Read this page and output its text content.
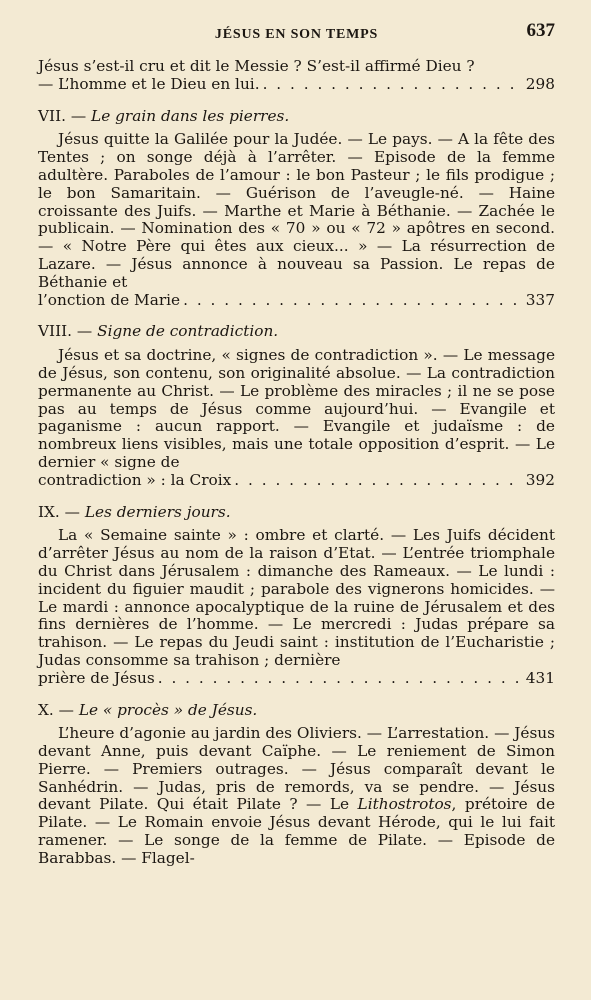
JÉSUS EN SON TEMPS	637
Jésus s’est-il cru et dit le Messie ? S’est-il affirmé Dieu ?
— L’homme et le Dieu en lui. . . .	298
VII. — Le grain dans les pierres.

Jésus quitte la Galilée pour la Judée. — Le pays. — A la fête des Tentes ; on songe déjà à l’arrêter. — Episode de la femme adultère. Paraboles de l’amour : le bon Pasteur ; le fils prodigue ; le bon Samaritain. — Guérison de l’aveugle-né. — Haine croissante des Juifs. — Marthe et Marie à Béthanie. — Zachée le publicain. — Nomination des « 70 » ou « 72 » apôtres en second. — « Notre Père qui êtes aux cieux... » — La résurrection de Lazare. — Jésus annonce à nouveau sa Passion. Le repas de Béthanie et

l’onction de Marie . . .	337
VIII. — Signe de contradiction.

Jésus et sa doctrine, « signes de contradiction ». — Le message de Jésus, son contenu, son originalité absolue. — La contradiction permanente au Christ. — Le problème des miracles ; il ne se pose pas au temps de Jésus comme aujourd’hui. — Evangile et paganisme : aucun rapport. — Evangile et judaïsme : de nombreux liens visibles, mais une totale opposition d’esprit. — Le dernier « signe de

contradiction » : la Croix . . .	392
IX. — Les derniers jours.

La « Semaine sainte » : ombre et clarté. — Les Juifs décident d’arrêter Jésus au nom de la raison d’Etat. — L’entrée triomphale du Christ dans Jérusalem : dimanche des Rameaux. — Le lundi : incident du figuier maudit ; parabole des vignerons homicides. — Le mardi : annonce apocalyptique de la ruine de Jérusalem et des fins dernières de l’homme. — Le mercredi : Judas prépare sa trahison. — Le repas du Jeudi saint : institution de l’Eucharistie ; Judas consomme sa trahison ; dernière

prière de Jésus . . .	431
X. — Le « procès » de Jésus.

L’heure d’agonie au jardin des Oliviers. — L’arrestation. — Jésus devant Anne, puis devant Caïphe. — Le reniement de Simon Pierre. — Premiers outrages. — Jésus comparaît devant le Sanhédrin. — Judas, pris de remords, va se pendre. — Jésus devant Pilate. Qui était Pilate ? — Le Lithostrotos, prétoire de Pilate. — Le Romain envoie Jésus devant Hérode, qui le lui fait ramener. — Le songe de la femme de Pilate. — Episode de Barabbas. — Flagel-
